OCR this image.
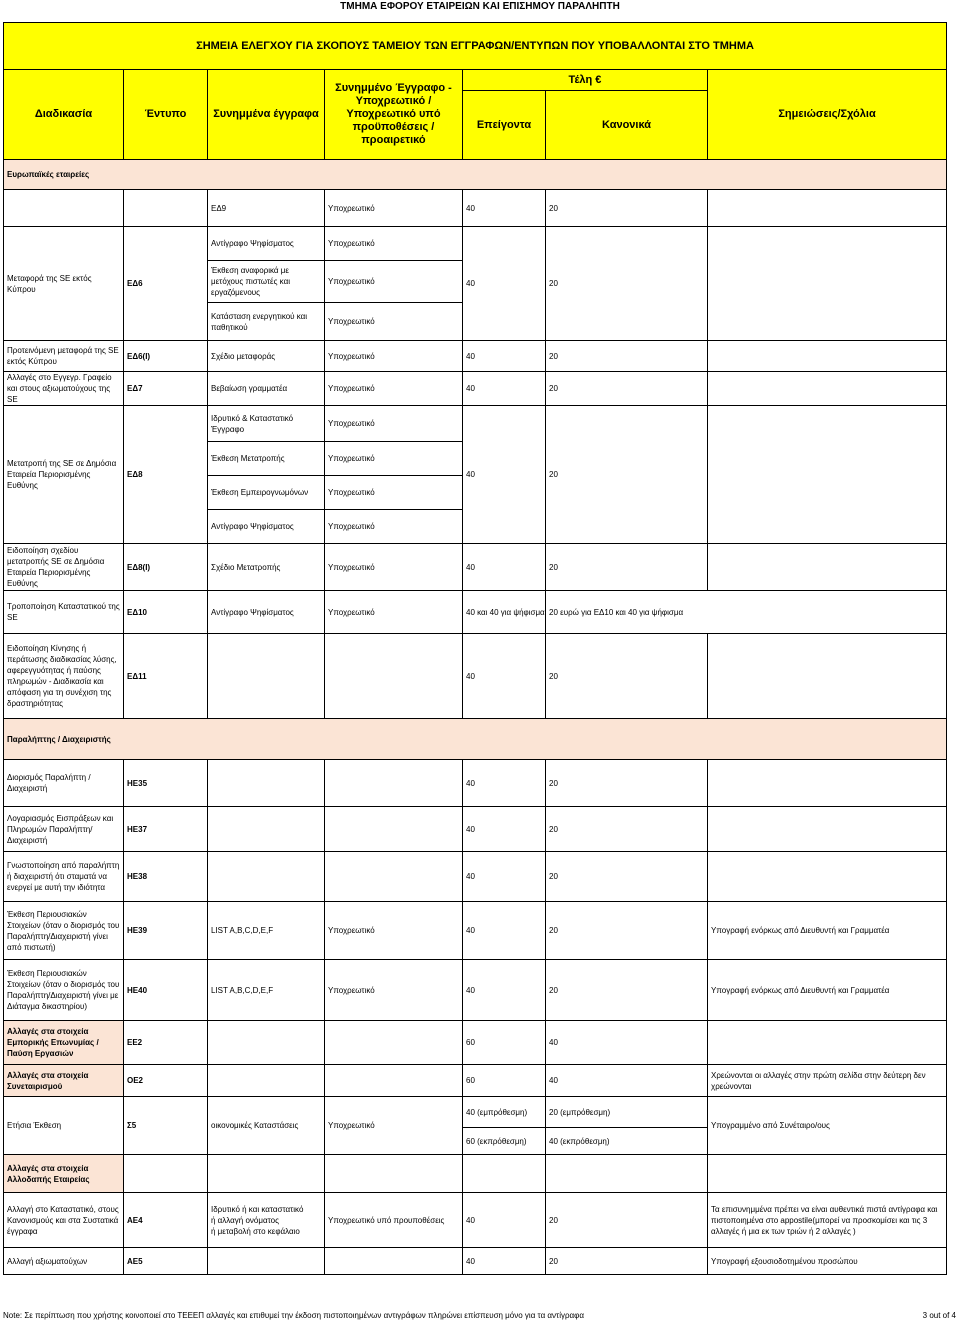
ΤΜΗΜΑ ΕΦΟΡΟΥ ΕΤΑΙΡΕΙΩΝ ΚΑΙ ΕΠΙΣΗΜΟΥ ΠΑΡΑΛΗΠΤΗ
ΣΗΜΕΙΑ ΕΛΕΓΧΟΥ ΓΙΑ ΣΚΟΠΟΥΣ ΤΑΜΕΙΟΥ ΤΩΝ ΕΓΓΡΑΦΩΝ/ΕΝΤΥΠΩΝ ΠΟΥ ΥΠΟΒΑΛΛΟΝΤΑΙ ΣΤΟ ΤΜΗΜΑ						
Διαδικασία	Έντυπο	Συνημμένα έγγραφα	Συνημμένο Έγγραφο - Υποχρεωτικό / Υποχρεωτικό υπό προϋποθέσεις / προαιρετικό	Τέλη €		Σημειώσεις/Σχόλια
				Επείγοντα	Κανονικά	
Ευρωπαϊκές εταιρείες						
		ΕΔ9	Υποχρεωτικό	40	20	
Μεταφορά της SE εκτός Κύπρου	ΕΔ6	Αντίγραφο Ψηφίσματος	Υποχρεωτικό	40	20	
		Έκθεση αναφορικά με μετόχους πιστωτές και εργαζόμενους	Υποχρεωτικό			
		Κατάσταση ενεργητικού και παθητικού	Υποχρεωτικό			
Προτεινόμενη μεταφορά της SE εκτός Κύπρου	ΕΔ6(Ι)	Σχέδιο μεταφοράς	Υποχρεωτικό	40	20	
Αλλαγές στο Εγγεγρ. Γραφείο και στους αξιωματούχους της SE	ΕΔ7	Βεβαίωση γραμματέα	Υποχρεωτικό	40	20	
Μετατροπή της SE σε Δημόσια Εταιρεία Περιορισμένης Ευθύνης	ΕΔ8	Ιδρυτικό & Καταστατικό Έγγραφο	Υποχρεωτικό	40	20	
		Έκθεση Μετατροπής	Υποχρεωτικό			
		Έκθεση Εμπειρογνωμόνων	Υποχρεωτικό			
		Αντίγραφο Ψηφίσματος	Υποχρεωτικό			
Ειδοποίηση σχεδίου μετατροπής SE σε Δημόσια Εταιρεία Περιορισμένης Ευθύνης	ΕΔ8(Ι)	Σχέδιο Μετατροπής	Υποχρεωτικό	40	20	
Τροποποίηση Καταστατικού της SE	ΕΔ10	Αντίγραφο Ψηφίσματος	Υποχρεωτικό	40 και 40 για ψήφισμα	20 ευρώ για ΕΔ10 και 40 για ψήφισμα	
Ειδοποίηση Κίνησης ή περάτωσης διαδικασίας λύσης, αφερεγγυότητας ή παύσης πληρωμών - Διαδικασία και απόφαση για τη συνέχιση της δραστηριότητας	ΕΔ11			40	20	
Παραλήπτης / Διαχειριστής						
Διορισμός Παραλήπτη / Διαχειριστή	ΗΕ35			40	20	
Λογαριασμός Εισπράξεων και Πληρωμών Παραλήπτη/Διαχειριστή	ΗΕ37			40	20	
Γνωστοποίηση από παραλήπτη ή διαχειριστή ότι σταματά να ενεργεί με αυτή την ιδιότητα	ΗΕ38			40	20	
Έκθεση Περιουσιακών Στοιχείων (όταν ο διορισμός του Παραλήπτη/Διαχειριστή γίνει από πιστωτή)	ΗΕ39	LIST A,B,C,D,E,F	Υποχρεωτικό	40	20	Υπογραφή ενόρκως από Διευθυντή και Γραμματέα
Έκθεση Περιουσιακών Στοιχείων (όταν ο διορισμός του Παραλήπτη/Διαχειριστή γίνει με Διάταγμα δικαστηρίου)	ΗΕ40	LIST A,B,C,D,E,F	Υποχρεωτικό	40	20	Υπογραφή ενόρκως από Διευθυντή και Γραμματέα
Αλλαγές στα στοιχεία Εμπορικής Επωνυμίας /Παύση Εργασιών	ΕΕ2			60	40	
Αλλαγές στα στοιχεία Συνεταιρισμού	ΟΕ2			60	40	Χρεώνονται οι αλλαγές στην πρώτη σελίδα στην δεύτερη δεν χρεώνονται
Ετήσια Έκθεση	Σ5	οικονομικές Καταστάσεις	Υποχρεωτικό	40 (εμπρόθεσμη)	20 (εμπρόθεσμη)	Υπογραμμένο από Συνέταιρο/ους
				60 (εκπρόθεσμη)	40 (εκπρόθεσμη)	
Αλλαγές στα στοιχεία Αλλοδαπής Εταιρείας						
Αλλαγή στο Καταστατικό, στους Κανονισμούς και στα Συστατικά έγγραφα	ΑΕ4	Ιδρυτικό ή και καταστατικό
ή αλλαγή ονόματος
ή μεταβολή στο κεφάλαιο	Υποχρεωτικό υπό προυποθέσεις	40	20	Τα επισυνημμένα πρέπει να είναι αυθεντικά πιστά αντίγραφα και πιστοποιημένα στο appostile(μπορεί να προσκομίσει και τις 3 αλλαγές ή μια εκ των τριών ή 2 αλλαγές )
Αλλαγή αξιωματούχων	ΑΕ5			40	20	Υπογραφή εξουσιοδοτημένου προσώπου
Note: Σε περίπτωση που χρήστης κοινοποιεί στο ΤΕΕΕΠ αλλαγές και επιθυμεί την έκδοση πιστοποιημένων αντιγράφων πληρώνει επίσπευση μόνο για τα αντίγραφα	3 out of 4
